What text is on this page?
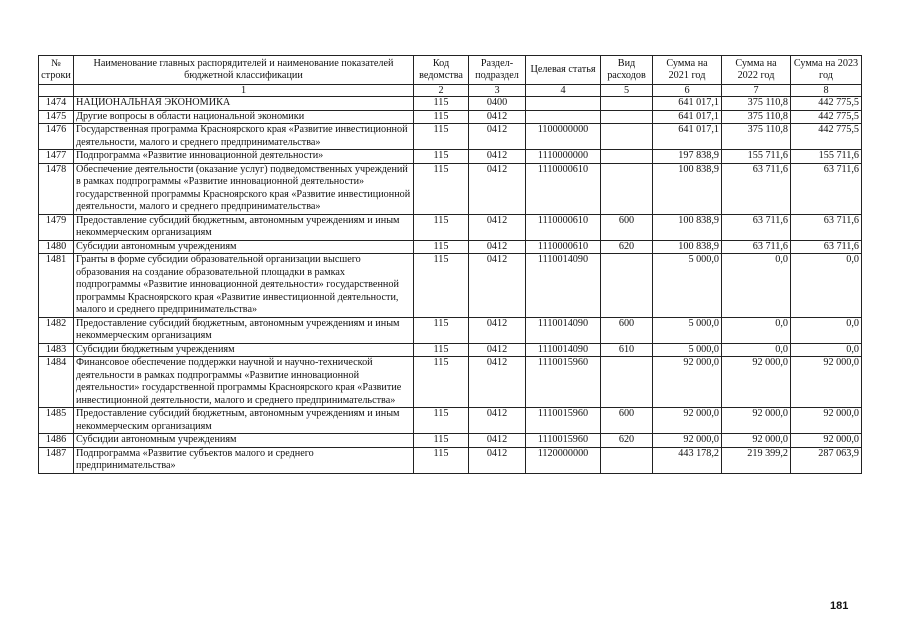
№ строки	Наименование главных распорядителей и наименование показателей бюджетной классификации	Код ведомства	Раздел-подраздел	Целевая статья	Вид расходов	Сумма на 2021 год	Сумма на 2022 год	Сумма на 2023 год
	1	2	3	4	5	6	7	8
1474	НАЦИОНАЛЬНАЯ ЭКОНОМИКА	115	0400			641 017,1	375 110,8	442 775,5
1475	Другие вопросы в области национальной экономики	115	0412			641 017,1	375 110,8	442 775,5
1476	Государственная программа Красноярского края «Развитие инвестиционной деятельности, малого и среднего предпринимательства»	115	0412	1100000000		641 017,1	375 110,8	442 775,5
1477	Подпрограмма «Развитие инновационной деятельности»	115	0412	1110000000		197 838,9	155 711,6	155 711,6
1478	Обеспечение деятельности (оказание услуг) подведомственных учреждений в рамках подпрограммы «Развитие инновационной деятельности» государственной программы Красноярского края «Развитие инвестиционной деятельности, малого и среднего предпринимательства»	115	0412	1110000610		100 838,9	63 711,6	63 711,6
1479	Предоставление субсидий бюджетным, автономным учреждениям и иным некоммерческим организациям	115	0412	1110000610	600	100 838,9	63 711,6	63 711,6
1480	Субсидии автономным учреждениям	115	0412	1110000610	620	100 838,9	63 711,6	63 711,6
1481	Гранты в форме субсидии образовательной организации высшего образования на создание образовательной площадки в рамках подпрограммы «Развитие инновационной деятельности» государственной программы Красноярского края «Развитие инвестиционной деятельности, малого и среднего предпринимательства»	115	0412	1110014090		5 000,0	0,0	0,0
1482	Предоставление субсидий бюджетным, автономным учреждениям и иным некоммерческим организациям	115	0412	1110014090	600	5 000,0	0,0	0,0
1483	Субсидии бюджетным учреждениям	115	0412	1110014090	610	5 000,0	0,0	0,0
1484	Финансовое обеспечение поддержки научной и научно-технической деятельности в рамках подпрограммы «Развитие инновационной деятельности» государственной программы Красноярского края «Развитие инвестиционной деятельности, малого и среднего предпринимательства»	115	0412	1110015960		92 000,0	92 000,0	92 000,0
1485	Предоставление субсидий бюджетным, автономным учреждениям и иным некоммерческим организациям	115	0412	1110015960	600	92 000,0	92 000,0	92 000,0
1486	Субсидии автономным учреждениям	115	0412	1110015960	620	92 000,0	92 000,0	92 000,0
1487	Подпрограмма «Развитие субъектов малого и среднего предпринимательства»	115	0412	1120000000		443 178,2	219 399,2	287 063,9
181
